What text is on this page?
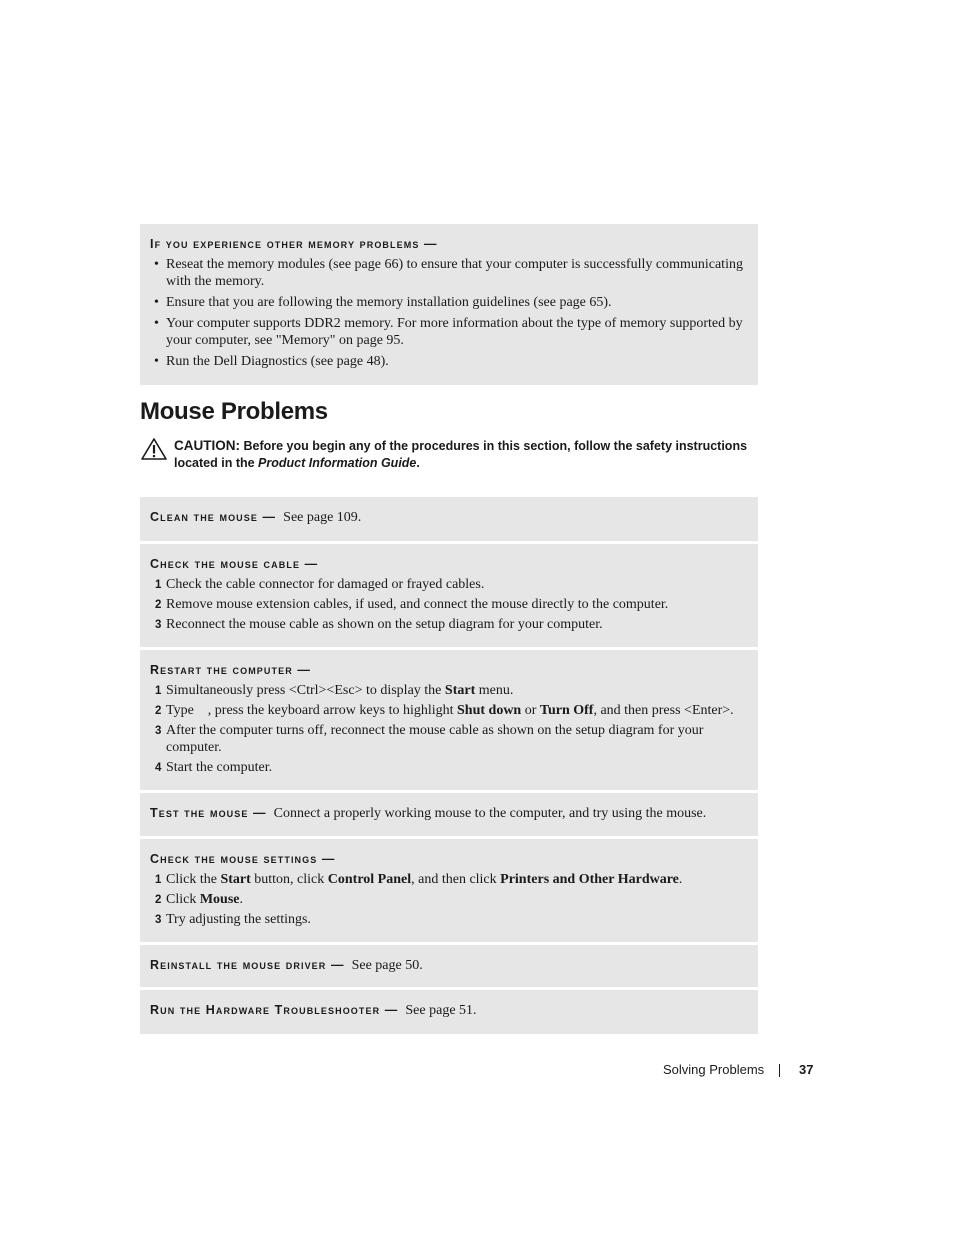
If you experience other memory problems —
• Reseat the memory modules (see page 66) to ensure that your computer is successfully communicating with the memory.
• Ensure that you are following the memory installation guidelines (see page 65).
• Your computer supports DDR2 memory. For more information about the type of memory supported by your computer, see "Memory" on page 95.
• Run the Dell Diagnostics (see page 48).
Mouse Problems
CAUTION: Before you begin any of the procedures in this section, follow the safety instructions located in the Product Information Guide.
Clean the mouse — See page 109.
Check the mouse cable —
1 Check the cable connector for damaged or frayed cables.
2 Remove mouse extension cables, if used, and connect the mouse directly to the computer.
3 Reconnect the mouse cable as shown on the setup diagram for your computer.
Restart the computer —
1 Simultaneously press <Ctrl><Esc> to display the Start menu.
2 Type    , press the keyboard arrow keys to highlight Shut down or Turn Off, and then press <Enter>.
3 After the computer turns off, reconnect the mouse cable as shown on the setup diagram for your computer.
4 Start the computer.
Test the mouse — Connect a properly working mouse to the computer, and try using the mouse.
Check the mouse settings —
1 Click the Start button, click Control Panel, and then click Printers and Other Hardware.
2 Click Mouse.
3 Try adjusting the settings.
Reinstall the mouse driver — See page 50.
Run the Hardware Troubleshooter — See page 51.
Solving Problems	37
